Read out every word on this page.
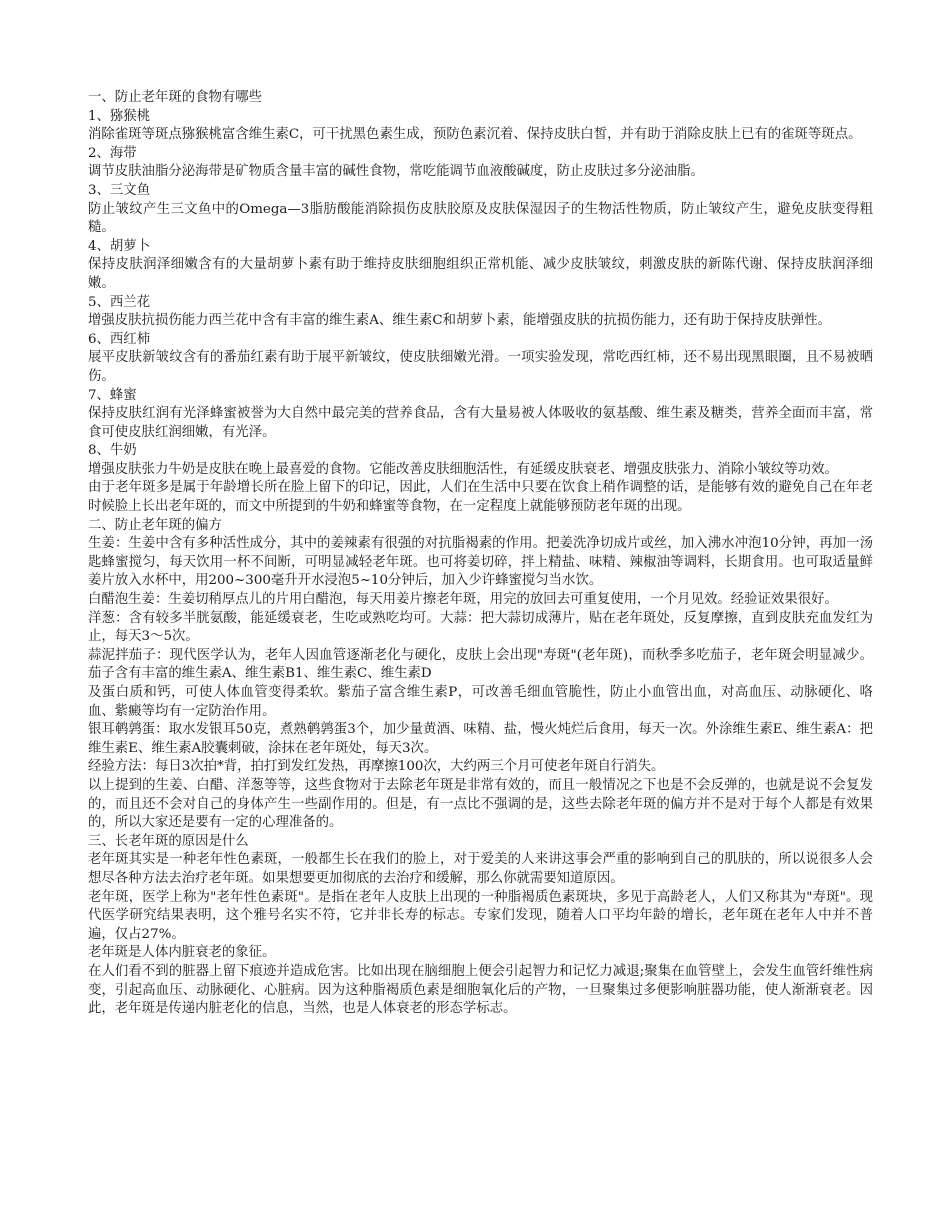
一、防止老年斑的食物有哪些

1、猕猴桃

消除雀斑等斑点猕猴桃富含维生素C，可干扰黑色素生成，预防色素沉着、保持皮肤白皙，并有助于消除皮肤上已有的雀斑等斑点。

2、海带

调节皮肤油脂分泌海带是矿物质含量丰富的碱性食物，常吃能调节血液酸碱度，防止皮肤过多分泌油脂。

3、三文鱼

防止皱纹产生三文鱼中的Omega—3脂肪酸能消除损伤皮肤胶原及皮肤保湿因子的生物活性物质，防止皱纹产生，避免皮肤变得粗糙。

4、胡萝卜

保持皮肤润泽细嫩含有的大量胡萝卜素有助于维持皮肤细胞组织正常机能、减少皮肤皱纹，刺激皮肤的新陈代谢、保持皮肤润泽细嫩。

5、西兰花

增强皮肤抗损伤能力西兰花中含有丰富的维生素A、维生素C和胡萝卜素，能增强皮肤的抗损伤能力，还有助于保持皮肤弹性。

6、西红柿

展平皮肤新皱纹含有的番茄红素有助于展平新皱纹，使皮肤细嫩光滑。一项实验发现，常吃西红柿，还不易出现黑眼圈，且不易被晒伤。

7、蜂蜜

保持皮肤红润有光泽蜂蜜被誉为大自然中最完美的营养食品，含有大量易被人体吸收的氨基酸、维生素及糖类，营养全面而丰富，常食可使皮肤红润细嫩，有光泽。

8、牛奶

增强皮肤张力牛奶是皮肤在晚上最喜爱的食物。它能改善皮肤细胞活性，有延缓皮肤衰老、增强皮肤张力、消除小皱纹等功效。

由于老年斑多是属于年龄增长所在脸上留下的印记，因此，人们在生活中只要在饮食上稍作调整的话，是能够有效的避免自己在年老时候脸上长出老年斑的，而文中所提到的牛奶和蜂蜜等食物，在一定程度上就能够预防老年斑的出现。

二、防止老年斑的偏方

生姜：生姜中含有多种活性成分，其中的姜辣素有很强的对抗脂褐素的作用。把姜洗净切成片或丝，加入沸水冲泡10分钟，再加一汤匙蜂蜜搅匀，每天饮用一杯不间断，可明显减轻老年斑。也可将姜切碎，拌上精盐、味精、辣椒油等调料，长期食用。也可取适量鲜姜片放入水杯中，用200~300毫升开水浸泡5~10分钟后，加入少许蜂蜜搅匀当水饮。

白醋泡生姜：生姜切稍厚点儿的片用白醋泡，每天用姜片擦老年斑，用完的放回去可重复使用，一个月见效。经验证效果很好。

洋葱：含有较多半胱氨酸，能延缓衰老，生吃或熟吃均可。大蒜：把大蒜切成薄片，贴在老年斑处，反复摩擦，直到皮肤充血发红为止，每天3～5次。

蒜泥拌茄子：现代医学认为，老年人因血管逐渐老化与硬化，皮肤上会出现"寿斑"(老年斑)，而秋季多吃茄子，老年斑会明显减少。茄子含有丰富的维生素A、维生素B1、维生素C、维生素D

及蛋白质和钙，可使人体血管变得柔软。紫茄子富含维生素P，可改善毛细血管脆性，防止小血管出血，对高血压、动脉硬化、咯血、紫癜等均有一定防治作用。

银耳鹌鹑蛋：取水发银耳50克，煮熟鹌鹑蛋3个，加少量黄酒、味精、盐，慢火炖烂后食用，每天一次。外涂维生素E、维生素A：把维生素E、维生素A胶囊刺破，涂抹在老年斑处，每天3次。

经验方法：每日3次拍*背，拍打到发红发热，再摩擦100次，大约两三个月可使老年斑自行消失。

以上提到的生姜、白醋、洋葱等等，这些食物对于去除老年斑是非常有效的，而且一般情况之下也是不会反弹的，也就是说不会复发的，而且还不会对自己的身体产生一些副作用的。但是，有一点比不强调的是，这些去除老年斑的偏方并不是对于每个人都是有效果的，所以大家还是要有一定的心理准备的。

三、长老年斑的原因是什么

老年斑其实是一种老年性色素斑，一般都生长在我们的脸上，对于爱美的人来讲这事会严重的影响到自己的肌肤的，所以说很多人会想尽各种方法去治疗老年斑。如果想要更加彻底的去治疗和缓解，那么你就需要知道原因。

老年斑，医学上称为"老年性色素斑"。是指在老年人皮肤上出现的一种脂褐质色素斑块，多见于高龄老人，人们又称其为"寿斑"。现代医学研究结果表明，这个雅号名实不符，它并非长寿的标志。专家们发现，随着人口平均年龄的增长，老年斑在老年人中并不普遍，仅占27%。

老年斑是人体内脏衰老的象征。

在人们看不到的脏器上留下痕迹并造成危害。比如出现在脑细胞上便会引起智力和记忆力减退;聚集在血管壁上，会发生血管纤维性病变，引起高血压、动脉硬化、心脏病。因为这种脂褐质色素是细胞氧化后的产物，一旦聚集过多便影响脏器功能，使人渐渐衰老。因此，老年斑是传递内脏老化的信息，当然，也是人体衰老的形态学标志。
